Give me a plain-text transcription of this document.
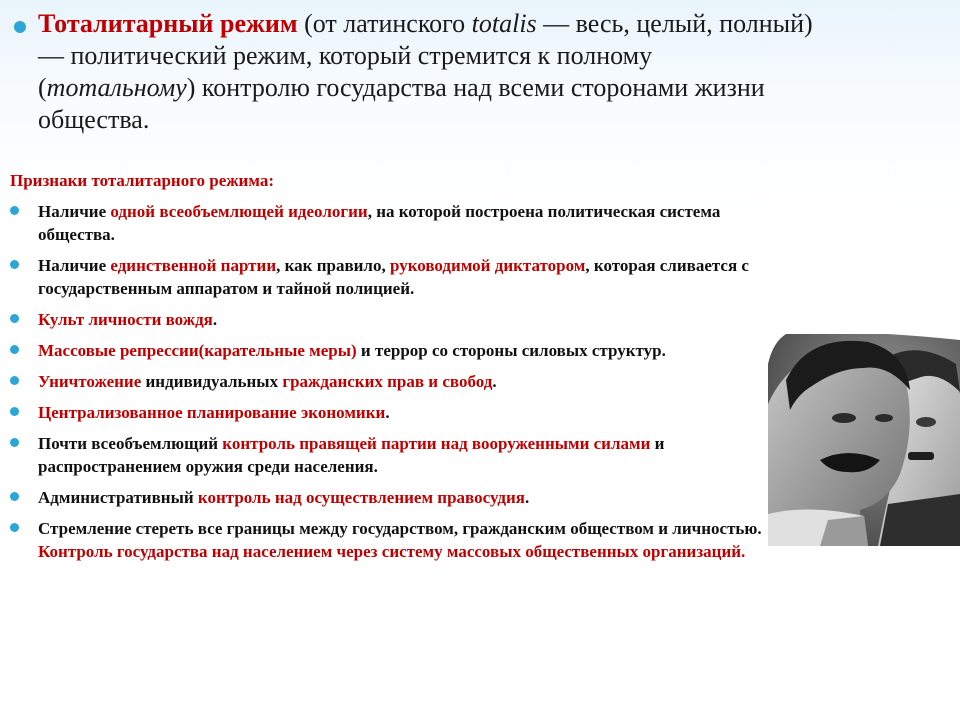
Тоталитарный режим (от латинского totalis — весь, целый, полный) — политический режим, который стремится к полному (тотальному) контролю государства над всеми сторонами жизни общества.
Признаки тоталитарного режима:
Наличие одной всеобъемлющей идеологии, на которой построена политическая система общества.
Наличие единственной партии, как правило, руководимой диктатором, которая сливается с государственным аппаратом и тайной полицией.
Культ личности вождя.
Массовые репрессии(карательные меры) и террор со стороны силовых структур.
Уничтожение индивидуальных гражданских прав и свобод.
Централизованное планирование экономики.
Почти всеобъемлющий контроль правящей партии над вооруженными силами и распространением оружия среди населения.
Административный контроль над осуществлением правосудия.
Стремление стереть все границы между государством, гражданским обществом и личностью. Контроль государства над населением через систему массовых общественных организаций.
